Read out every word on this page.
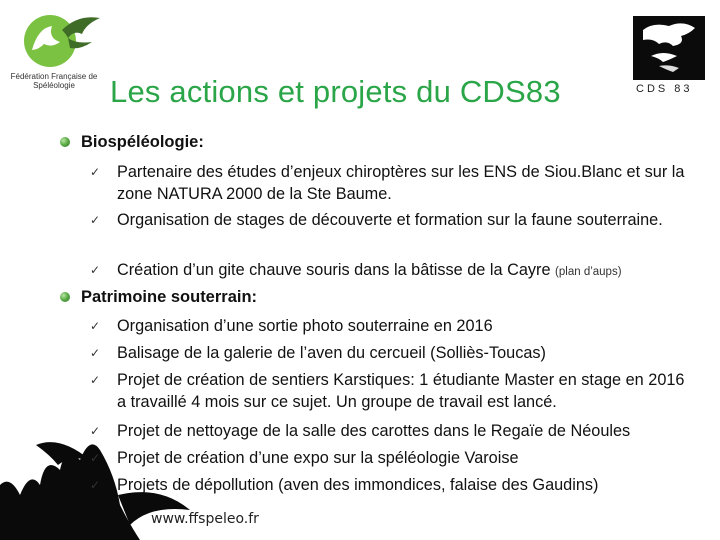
Fédération Française de Spéléologie	Les actions et projets du CDS83	CDS 83
Biospéléologie:
✓ Partenaire des études d’enjeux chiroptères sur les ENS de Siou.Blanc et sur la zone NATURA 2000 de la Ste Baume.
✓ Organisation de stages de découverte et formation sur la faune souterraine.
✓ Création d’un gite chauve souris dans la bâtisse de la Cayre (plan d’aups)
Patrimoine souterrain:
✓ Organisation d’une sortie photo souterraine en 2016
✓ Balisage de la galerie de l’aven du cercueil (Solliès-Toucas)
✓ Projet de création de sentiers Karstiques: 1 étudiante Master en stage en 2016 a travaillé 4 mois sur ce sujet. Un groupe de travail est lancé.
✓ Projet de nettoyage de la salle des carottes dans le Regaïe de Néoules
✓ Projet de création d’une expo sur la spéléologie Varoise
✓ Projets de dépollution (aven des immondices, falaise des Gaudins)
www.ffspeleo.fr
